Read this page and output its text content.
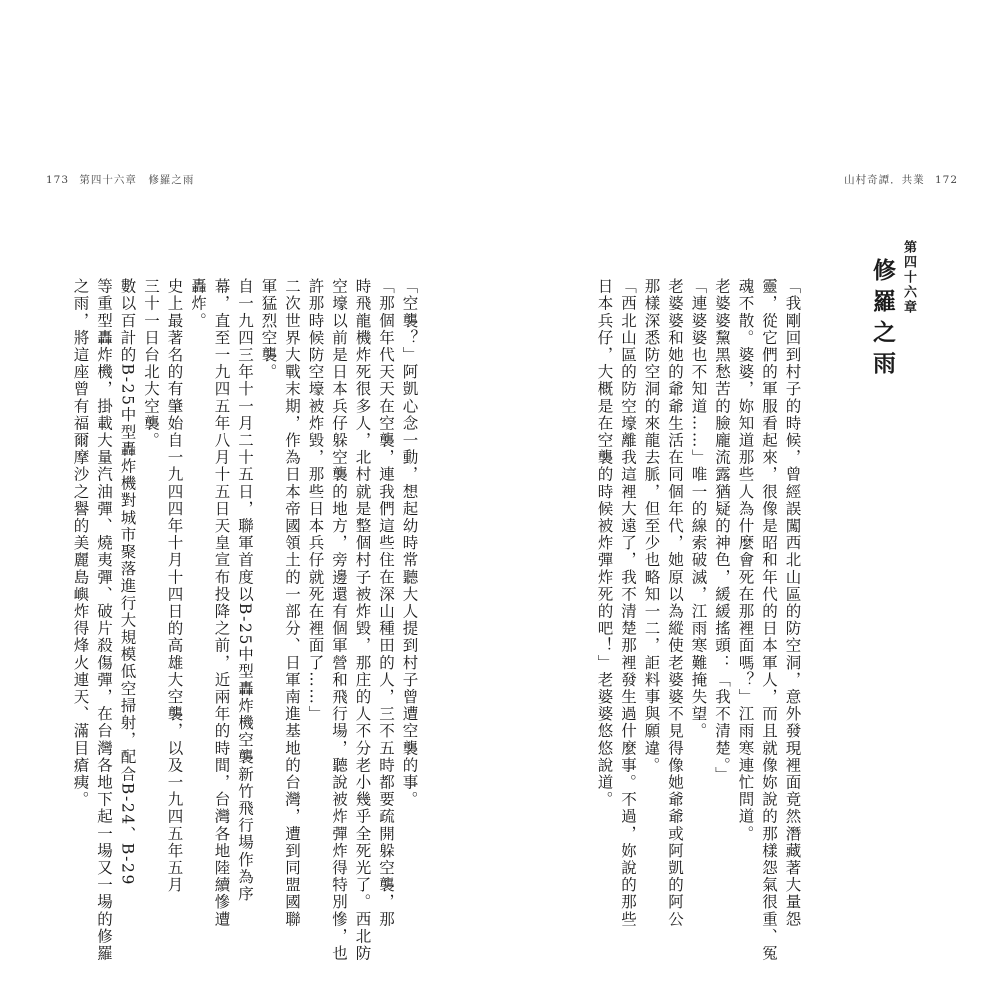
173 第四十六章　修羅之雨	山村奇譚．共業 172
第四十六章
修羅之雨
「我剛回到村子的時候，曾經誤闖西北山區的防空洞，意外發現裡面竟然潛藏著大量怨
靈，從它們的軍服看起來，很像是昭和年代的日本軍人，而且就像妳說的那樣怨氣很重、冤
魂不散。婆婆，妳知道那些人為什麼會死在那裡面嗎？」江雨寒連忙問道。
老婆婆黧黑愁苦的臉龐流露猶疑的神色，緩緩搖頭：「我不清楚。」
「連婆婆也不知道……」唯一的線索破滅，江雨寒難掩失望。
老婆婆和她的爺爺生活在同個年代，她原以為縱使老婆婆不見得像她爺爺或阿凱的阿公
那樣深悉防空洞的來龍去脈，但至少也略知一二，詎料事與願違。
「西北山區的防空壕離我這裡大遠了，我不清楚那裡發生過什麼事。不過，妳說的那些
日本兵仔，大概是在空襲的時候被炸彈炸死的吧！」老婆婆悠悠說道。
「空襲？」阿凱心念一動，想起幼時常聽大人提到村子曾遭空襲的事。
「那個年代天天在空襲，連我們這些住在深山種田的人，三不五時都要疏開躲空襲，那
時飛龍機炸死很多人，北村就是整個村子被炸毀，那庄的人不分老小幾乎全死光了。西北防
空壕以前是日本兵仔躲空襲的地方，旁邊還有個軍營和飛行場，聽說被炸彈炸得特別慘，也
許那時候防空壕被炸毀，那些日本兵仔就死在裡面了……」
二次世界大戰末期，作為日本帝國領土的一部分、日軍南進基地的台灣，遭到同盟國聯
軍猛烈空襲。
自一九四三年十一月二十五日，聯軍首度以B-25中型轟炸機空襲新竹飛行場作為序
幕，直至一九四五年八月十五日天皇宣布投降之前，近兩年的時間，台灣各地陸續慘遭
轟炸。
史上最著名的有肇始自一九四四年十月十四日的高雄大空襲，以及一九四五年五月
三十一日台北大空襲。
數以百計的B-25中型轟炸機對城市聚落進行大規模低空掃射，配合B-24、B-29
等重型轟炸機，掛載大量汽油彈、燒夷彈、破片殺傷彈，在台灣各地下起一場又一場的修羅
之雨，將這座曾有福爾摩沙之譽的美麗島嶼炸得烽火連天、滿目瘡痍。
